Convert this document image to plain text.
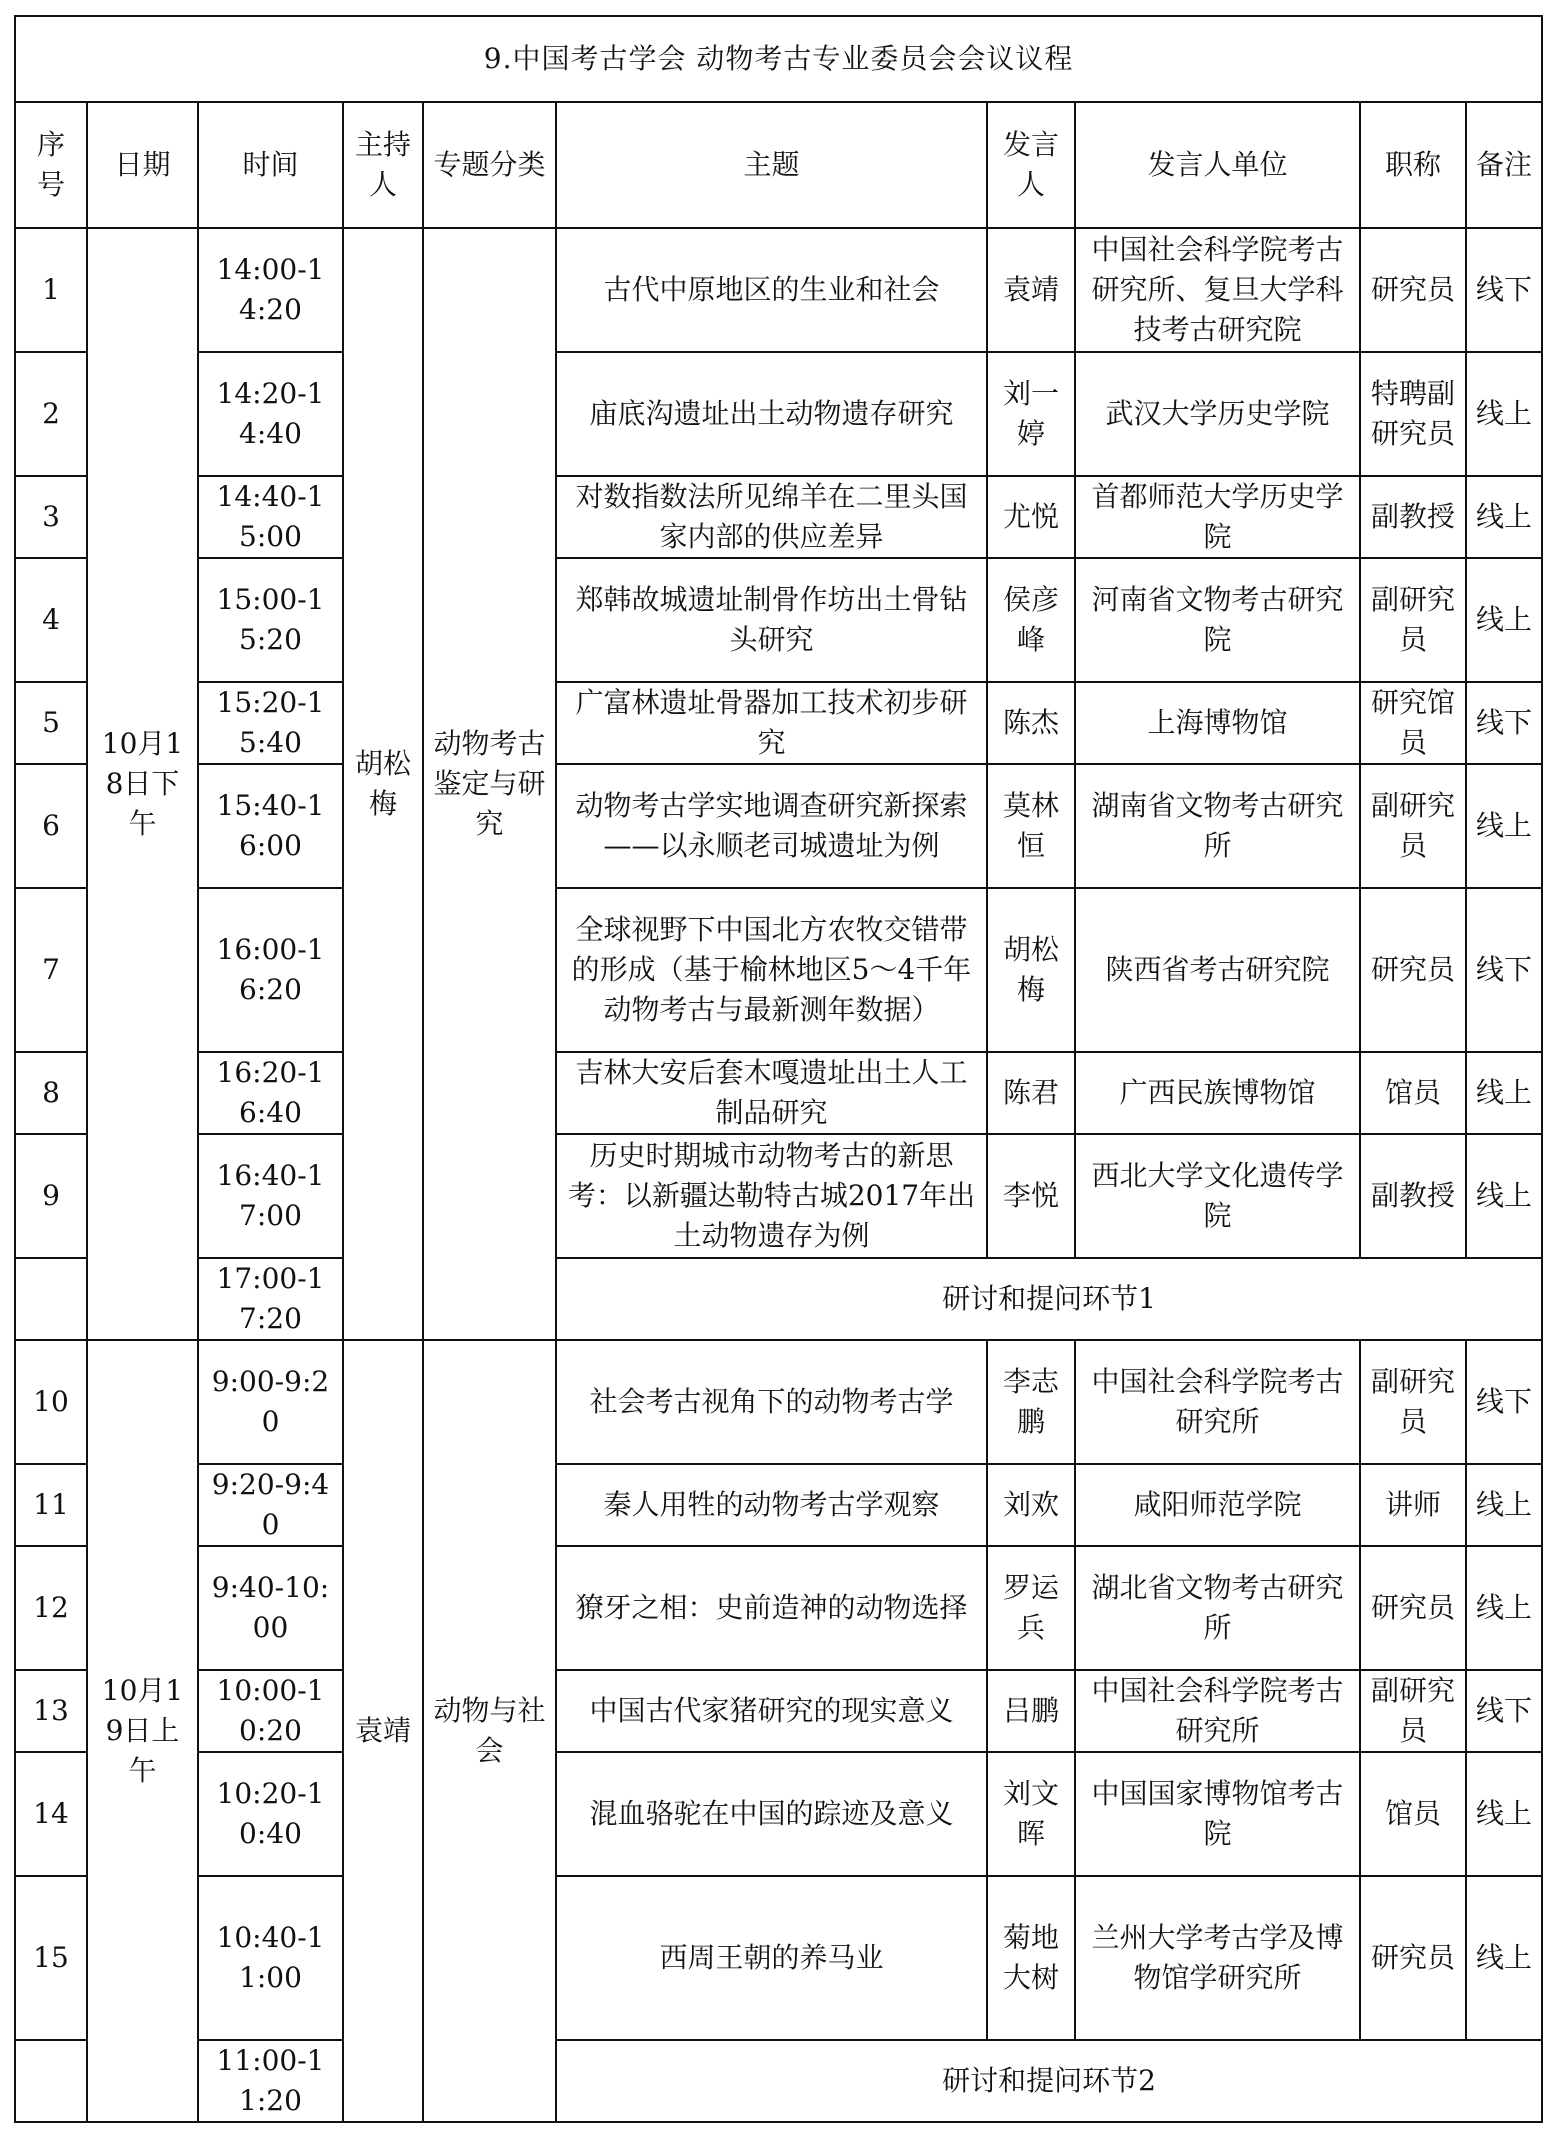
9.中国考古学会 动物考古专业委员会会议议程									
序号	日期	时间	主持人	专题分类	主题	发言人	发言人单位	职称	备注
1	10月18日下午	14:00-14:20	胡松梅	动物考古鉴定与研究	古代中原地区的生业和社会	袁靖	中国社会科学院考古研究所、复旦大学科技考古研究院	研究员	线下
2		14:20-14:40			庙底沟遗址出土动物遗存研究	刘一婷	武汉大学历史学院	特聘副研究员	线上
3		14:40-15:00			对数指数法所见绵羊在二里头国家内部的供应差异	尤悦	首都师范大学历史学院	副教授	线上
4		15:00-15:20			郑韩故城遗址制骨作坊出土骨钻头研究	侯彦峰	河南省文物考古研究院	副研究员	线上
5		15:20-15:40			广富林遗址骨器加工技术初步研究	陈杰	上海博物馆	研究馆员	线下
6		15:40-16:00			动物考古学实地调查研究新探索——以永顺老司城遗址为例	莫林恒	湖南省文物考古研究所	副研究员	线上
7		16:00-16:20			全球视野下中国北方农牧交错带的形成（基于榆林地区5～4千年动物考古与最新测年数据）	胡松梅	陕西省考古研究院	研究员	线下
8		16:20-16:40			吉林大安后套木嘎遗址出土人工制品研究	陈君	广西民族博物馆	馆员	线上
9		16:40-17:00			历史时期城市动物考古的新思考：以新疆达勒特古城2017年出土动物遗存为例	李悦	西北大学文化遗传学院	副教授	线上
		17:00-17:20			研讨和提问环节1				
10	10月19日上午	9:00-9:20	袁靖	动物与社会	社会考古视角下的动物考古学	李志鹏	中国社会科学院考古研究所	副研究员	线下
11		9:20-9:40			秦人用牲的动物考古学观察	刘欢	咸阳师范学院	讲师	线上
12		9:40-10:00			獠牙之相：史前造神的动物选择	罗运兵	湖北省文物考古研究所	研究员	线上
13		10:00-10:20			中国古代家猪研究的现实意义	吕鹏	中国社会科学院考古研究所	副研究员	线下
14		10:20-10:40			混血骆驼在中国的踪迹及意义	刘文晖	中国国家博物馆考古院	馆员	线上
15		10:40-11:00			西周王朝的养马业	菊地大树	兰州大学考古学及博物馆学研究所	研究员	线上
		11:00-11:20			研讨和提问环节2				
